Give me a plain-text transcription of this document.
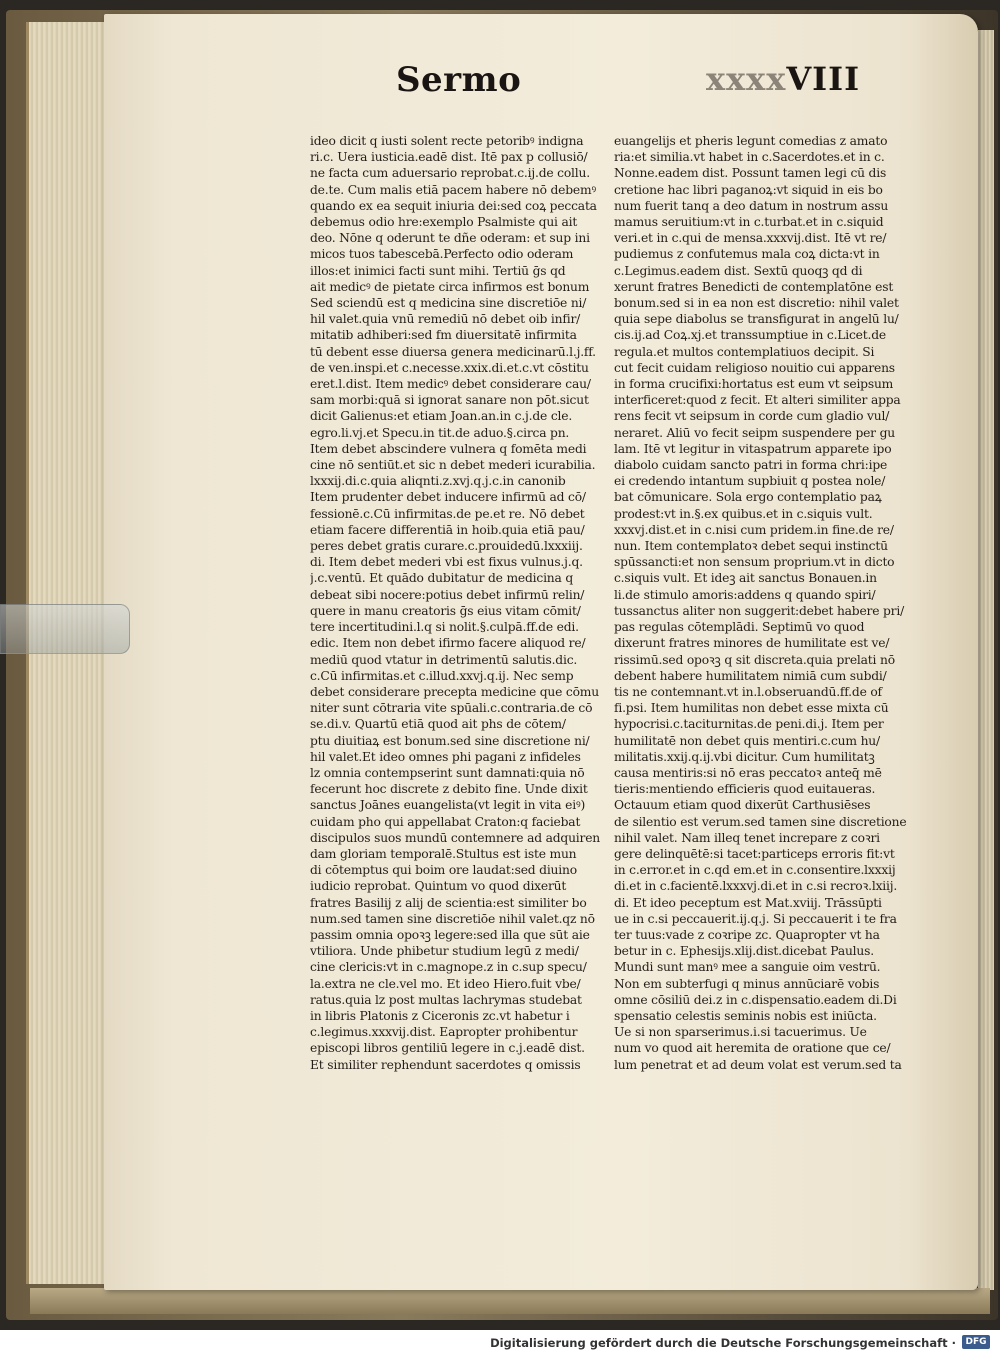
Sermo	xxxxVIII
ideo dicit q iusti solent recte petoribꝰ indigna
ri.c. Uera iusticia.eadē dist. Itē pax p collusiō/
ne facta cum aduersario reprobat.c.ij.de collu.
de.te. Cum malis etiā pacem habere nō debemꝰ
quando ex ea sequit iniuria dei:sed coꝝ peccata
debemus odio hre:exemplo Psalmiste qui ait
deo. Nōne q oderunt te dñe oderam: et sup ini
micos tuos tabescebā.Perfecto odio oderam
illos:et inimici facti sunt mihi. Tertiū ḡs qd
ait medicꝰ de pietate circa infirmos est bonum
Sed sciendū est q medicina sine discretiōe ni/
hil valet.quia vnū remediū nō debet oib infir/
mitatib adhiberi:sed fm diuersitatē infirmita
tū debent esse diuersa genera medicinarū.l.j.ff.
de ven.inspi.et c.necesse.xxix.di.et.c.vt cōstitu
eret.l.dist. Item medicꝰ debet considerare cau/
sam morbi:quā si ignorat sanare non pōt.sicut
dicit Galienus:et etiam Joan.an.in c.j.de cle.
egro.li.vj.et Specu.in tit.de aduo.§.circa pn.
Item debet abscindere vulnera q fomēta medi
cine nō sentiūt.et sic n debet mederi icurabilia.
lxxxij.di.c.quia aliqnti.z.xvj.q.j.c.in canonib
Item prudenter debet inducere infirmū ad cō/
fessionē.c.Cū infirmitas.de pe.et re. Nō debet
etiam facere differentiā in hoib.quia etiā pau/
peres debet gratis curare.c.prouidedū.lxxxiij.
di. Item debet mederi vbi est fixus vulnus.j.q.
j.c.ventū. Et quādo dubitatur de medicina q
debeat sibi nocere:potius debet infirmū relin/
quere in manu creatoris ḡs eius vitam cōmit/
tere incertitudini.l.q si nolit.§.culpā.ff.de edi.
edic. Item non debet ifirmo facere aliquod re/
mediū quod vtatur in detrimentū salutis.dic.
c.Cū infirmitas.et c.illud.xxvj.q.ij. Nec semp
debet considerare precepta medicine que cōmu
niter sunt cōtraria vite spūali.c.contraria.de cō
se.di.v. Quartū etiā quod ait phs de cōtem/
ptu diuitiaꝝ est bonum.sed sine discretione ni/
hil valet.Et ideo omnes phi pagani z infideles
lz omnia contempserint sunt damnati:quia nō
fecerunt hoc discrete z debito fine. Unde dixit
sanctus Joānes euangelista(vt legit in vita eiꝰ)
cuidam pho qui appellabat Craton:q faciebat
discipulos suos mundū contemnere ad adquiren
dam gloriam temporalē.Stultus est iste mun
di cōtemptus qui boim ore laudat:sed diuino
iudicio reprobat. Quintum vo quod dixerūt
fratres Basilij z alij de scientia:est similiter bo
num.sed tamen sine discretiōe nihil valet.qz nō
passim omnia opoꝛꝫ legere:sed illa que sūt aie
vtiliora. Unde phibetur studium legū z medi/
cine clericis:vt in c.magnope.z in c.sup specu/
la.extra ne cle.vel mo. Et ideo Hiero.fuit vbe/
ratus.quia lz post multas lachrymas studebat
in libris Platonis z Ciceronis zc.vt habetur i
c.legimus.xxxvij.dist. Eapropter prohibentur
episcopi libros gentiliū legere in c.j.eadē dist.
Et similiter rephendunt sacerdotes q omissis
euangelijs et pheris legunt comedias z amato
ria:et similia.vt habet in c.Sacerdotes.et in c.
Nonne.eadem dist. Possunt tamen legi cū dis
cretione hac libri paganoꝝ:vt siquid in eis bo
num fuerit tanq a deo datum in nostrum assu
mamus seruitium:vt in c.turbat.et in c.siquid
veri.et in c.qui de mensa.xxxvij.dist. Itē vt re/
pudiemus z confutemus mala coꝝ dicta:vt in
c.Legimus.eadem dist. Sextū quoqꝫ qd di
xerunt fratres Benedicti de contemplatōne est
bonum.sed si in ea non est discretio: nihil valet
quia sepe diabolus se transfigurat in angelū lu/
cis.ij.ad Coꝝ.xj.et transsumptiue in c.Licet.de
regula.et multos contemplatiuos decipit. Si
cut fecit cuidam religioso nouitio cui apparens
in forma crucifixi:hortatus est eum vt seipsum
interficeret:quod z fecit. Et alteri similiter appa
rens fecit vt seipsum in corde cum gladio vul/
neraret. Aliū vo fecit seipm suspendere per gu
lam. Itē vt legitur in vitaspatrum apparete ipo
diabolo cuidam sancto patri in forma chri:ipe
ei credendo intantum supbiuit q postea nole/
bat cōmunicare. Sola ergo contemplatio paꝝ
prodest:vt in.§.ex quibus.et in c.siquis vult.
xxxvj.dist.et in c.nisi cum pridem.in fine.de re/
nun. Item contemplatoꝛ debet sequi instinctū
spūssancti:et non sensum proprium.vt in dicto
c.siquis vult. Et ideꝫ ait sanctus Bonauen.in
li.de stimulo amoris:addens q quando spiri/
tussanctus aliter non suggerit:debet habere pri/
pas regulas cōtemplādi. Septimū vo quod
dixerunt fratres minores de humilitate est ve/
rissimū.sed opoꝛꝫ q sit discreta.quia prelati nō
debent habere humilitatem nimiā cum subdi/
tis ne contemnant.vt in.l.obseruandū.ff.de of
fi.psi. Item humilitas non debet esse mixta cū
hypocrisi.c.taciturnitas.de peni.di.j. Item per
humilitatē non debet quis mentiri.c.cum hu/
militatis.xxij.q.ij.vbi dicitur. Cum humilitatꝫ
causa mentiris:si nō eras peccatoꝛ anteq̄ mē
tieris:mentiendo efficieris quod euitaueras.
Octauum etiam quod dixerūt Carthusiēses
de silentio est verum.sed tamen sine discretione
nihil valet. Nam illeq tenet increpare z coꝛri
gere delinquētē:si tacet:particeps erroris fit:vt
in c.error.et in c.qd em.et in c.consentire.lxxxij
di.et in c.facientē.lxxxvj.di.et in c.si recroꝛ.lxiij.
di. Et ideo peceptum est Mat.xviij. Trāssūpti
ue in c.si peccauerit.ij.q.j. Si peccauerit i te fra
ter tuus:vade z coꝛripe zc. Quapropter vt ha
betur in c. Ephesijs.xlij.dist.dicebat Paulus.
Mundi sunt manꝰ mee a sanguie oim vestrū.
Non em subterfugi q minus annūciarē vobis
omne cōsiliū dei.z in c.dispensatio.eadem di.Di
spensatio celestis seminis nobis est iniūcta.
Ue si non sparserimus.i.si tacuerimus. Ue
num vo quod ait heremita de oratione que ce/
lum penetrat et ad deum volat est verum.sed ta
Digitalisierung gefördert durch die Deutsche Forschungsgemeinschaft ·	DFG
